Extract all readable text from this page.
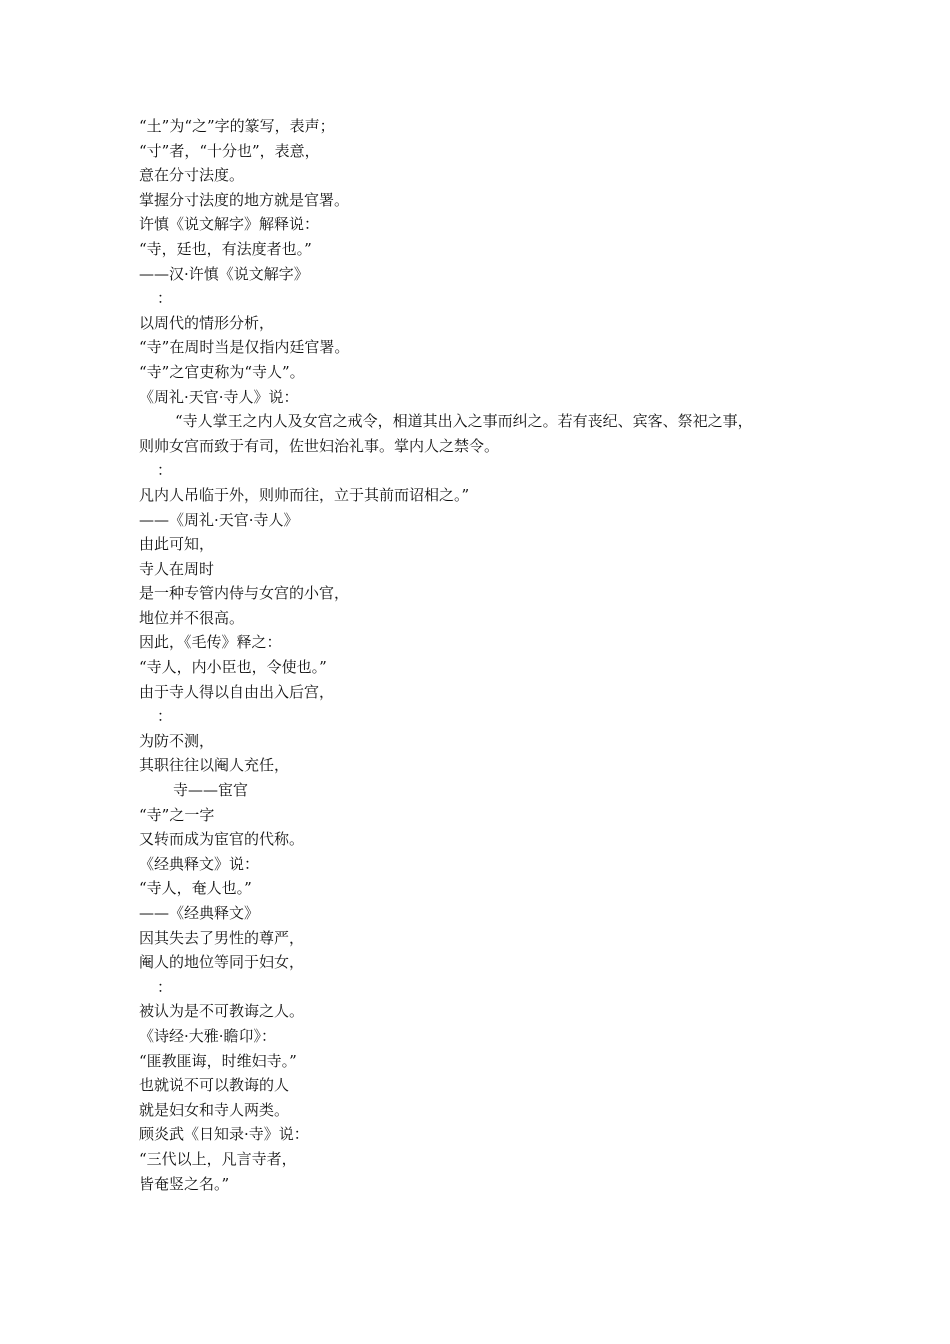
“土”为“之”字的篆写，表声；

“寸”者，“十分也”，表意，

意在分寸法度。

掌握分寸法度的地方就是官署。

许慎《说文解字》解释说：

“寺，廷也，有法度者也。”

——汉·许慎《说文解字》

：

以周代的情形分析，

“寺”在周时当是仅指内廷官署。

“寺”之官吏称为“寺人”。

《周礼·天官·寺人》说：

“寺人掌王之内人及女宫之戒令，相道其出入之事而纠之。若有丧纪、宾客、祭祀之事，

则帅女宫而致于有司，佐世妇治礼事。掌内人之禁令。

：

凡内人吊临于外，则帅而往，立于其前而诏相之。”

——《周礼·天官·寺人》

由此可知，

寺人在周时

是一种专管内侍与女宫的小官，

地位并不很高。

因此，《毛传》释之：

“寺人，内小臣也，令使也。”

由于寺人得以自由出入后宫，

：

为防不测，

其职往往以阉人充任，

寺——宦官

“寺”之一字

又转而成为宦官的代称。

《经典释文》说：

“寺人，奄人也。”

——《经典释文》

因其失去了男性的尊严，

阉人的地位等同于妇女，

：

被认为是不可教诲之人。

《诗经·大雅·瞻卬》：

“匪教匪诲，时维妇寺。”

也就说不可以教诲的人

就是妇女和寺人两类。

顾炎武《日知录·寺》说：

“三代以上，凡言寺者，

皆奄竖之名。”
